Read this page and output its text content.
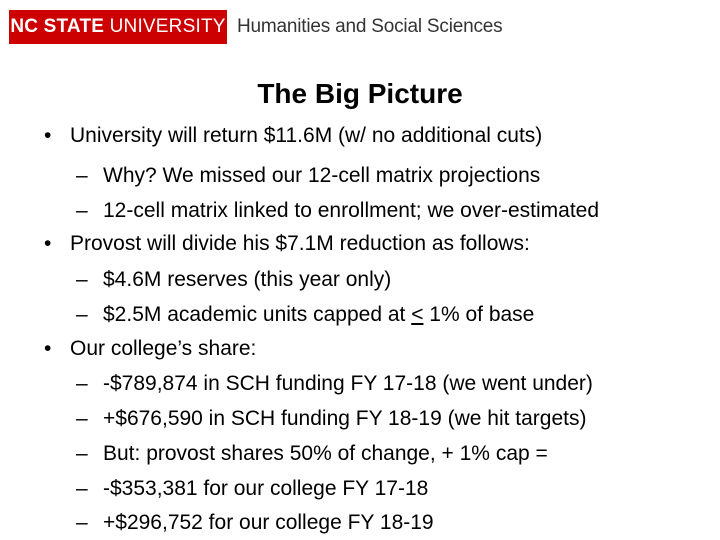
NC STATE
UNIVERSITY Humanities and Social Sciences
The Big Picture
• University will return $11.6M (w/ no additional cuts)
– Why? We missed our 12-cell matrix projections
– 12-cell matrix linked to enrollment; we over-estimated
• Provost will divide his $7.1M reduction as follows:
– $4.6M reserves (this year only)
– $2.5M academic units capped at ≤ 1% of base
• Our college’s share:
– -$789,874 in SCH funding FY 17-18 (we went under)
– +$676,590 in SCH funding FY 18-19 (we hit targets)
– But: provost shares 50% of change, + 1% cap =
– -$353,381 for our college FY 17-18
– +$296,752 for our college FY 18-19
